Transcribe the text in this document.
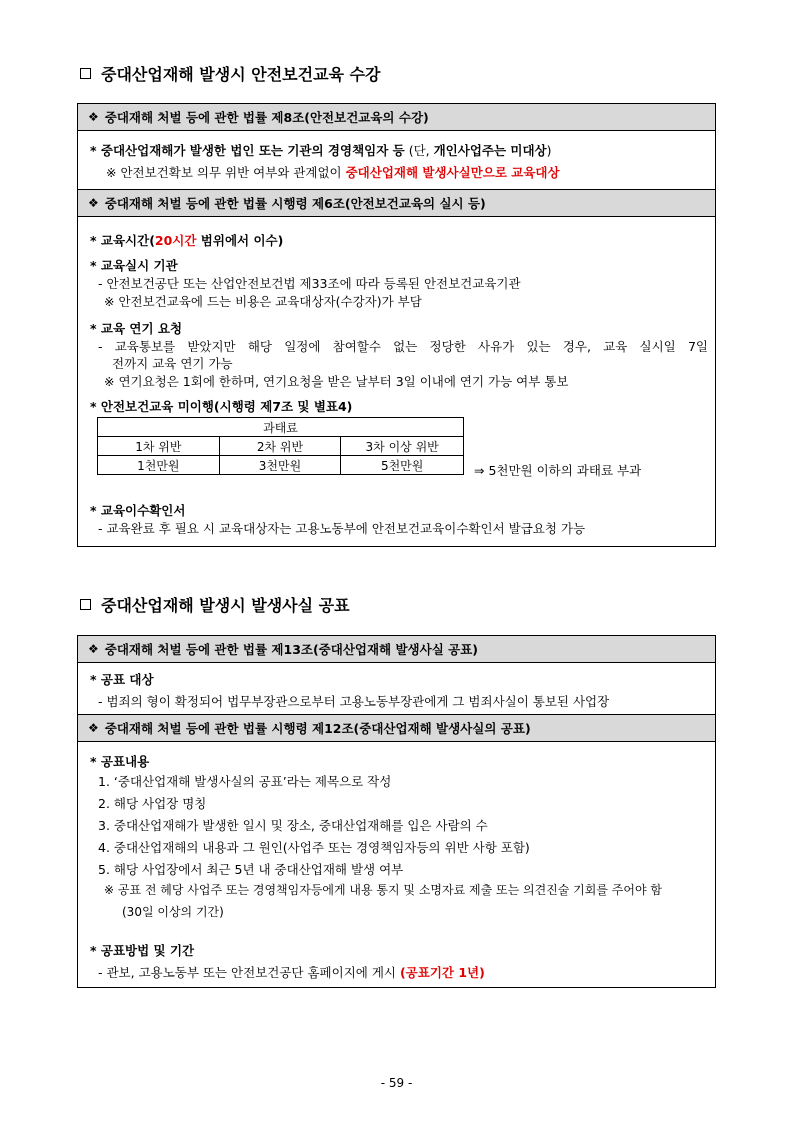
중대산업재해 발생시 안전보건교육 수강
❖ 중대재해 처벌 등에 관한 법률 제8조(안전보건교육의 수강)
* 중대산업재해가 발생한 법인 또는 기관의 경영책임자 등 (단, 개인사업주는 미대상)
※ 안전보건확보 의무 위반 여부와 관계없이 중대산업재해 발생사실만으로 교육대상
❖ 중대재해 처벌 등에 관한 법률 시행령 제6조(안전보건교육의 실시 등)
* 교육시간(20시간 범위에서 이수)
* 교육실시 기관
- 안전보건공단 또는 산업안전보건법 제33조에 따라 등록된 안전보건교육기관
※ 안전보건교육에 드는 비용은 교육대상자(수강자)가 부담
* 교육 연기 요청
- 교육통보를 받았지만 해당 일정에 참여할수 없는 정당한 사유가 있는 경우, 교육 실시일 7일
전까지 교육 연기 가능
※ 연기요청은 1회에 한하며, 연기요청을 받은 날부터 3일 이내에 연기 가능 여부 통보
* 안전보건교육 미이행(시행령 제7조 및 별표4)
⇒ 5천만원 이하의 과태료 부과
* 교육이수확인서
- 교육완료 후 필요 시 교육대상자는 고용노동부에 안전보건교육이수확인서 발급요청 가능
과태료		
1차 위반	2차 위반	3차 이상 위반
1천만원	3천만원	5천만원
중대산업재해 발생시 발생사실 공표
❖ 중대재해 처벌 등에 관한 법률 제13조(중대산업재해 발생사실 공표)
* 공표 대상
- 범죄의 형이 확정되어 법무부장관으로부터 고용노동부장관에게 그 범죄사실이 통보된 사업장
❖ 중대재해 처벌 등에 관한 법률 시행령 제12조(중대산업재해 발생사실의 공표)
* 공표내용
1. ‘중대산업재해 발생사실의 공표’라는 제목으로 작성
2. 해당 사업장 명칭
3. 중대산업재해가 발생한 일시 및 장소, 중대산업재해를 입은 사람의 수
4. 중대산업재해의 내용과 그 원인(사업주 또는 경영책임자등의 위반 사항 포함)
5. 해당 사업장에서 최근 5년 내 중대산업재해 발생 여부
※ 공표 전 헤당 사업주 또는 경영책임자등에게 내용 통지 및 소명자료 제출 또는 의견진술 기회를 주어야 함
(30일 이상의 기간)
* 공표방법 및 기간
- 관보, 고용노동부 또는 안전보건공단 홈페이지에 게시 (공표기간 1년)
- 59 -
